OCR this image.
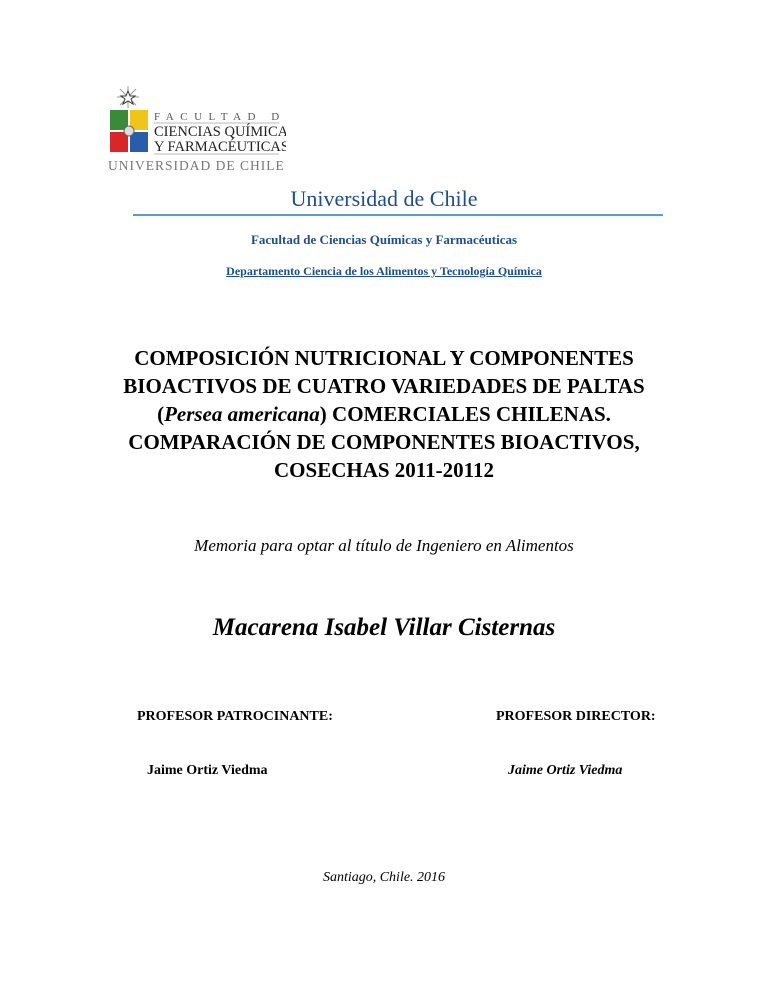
FACULTAD DE
CIENCIAS QUÍMICAS
Y FARMACÉUTICAS
UNIVERSIDAD DE CHILE
Universidad de Chile
Facultad de Ciencias Químicas y Farmacéuticas
Departamento Ciencia de los Alimentos y Tecnología Química
COMPOSICIÓN NUTRICIONAL Y COMPONENTES
BIOACTIVOS DE CUATRO VARIEDADES DE PALTAS
(Persea americana) COMERCIALES CHILENAS.
COMPARACIÓN DE COMPONENTES BIOACTIVOS,
COSECHAS 2011-20112
Memoria para optar al título de Ingeniero en Alimentos
Macarena Isabel Villar Cisternas
PROFESOR PATROCINANTE:	PROFESOR DIRECTOR:
Jaime Ortiz Viedma	Jaime Ortiz Viedma
Santiago, Chile. 2016
